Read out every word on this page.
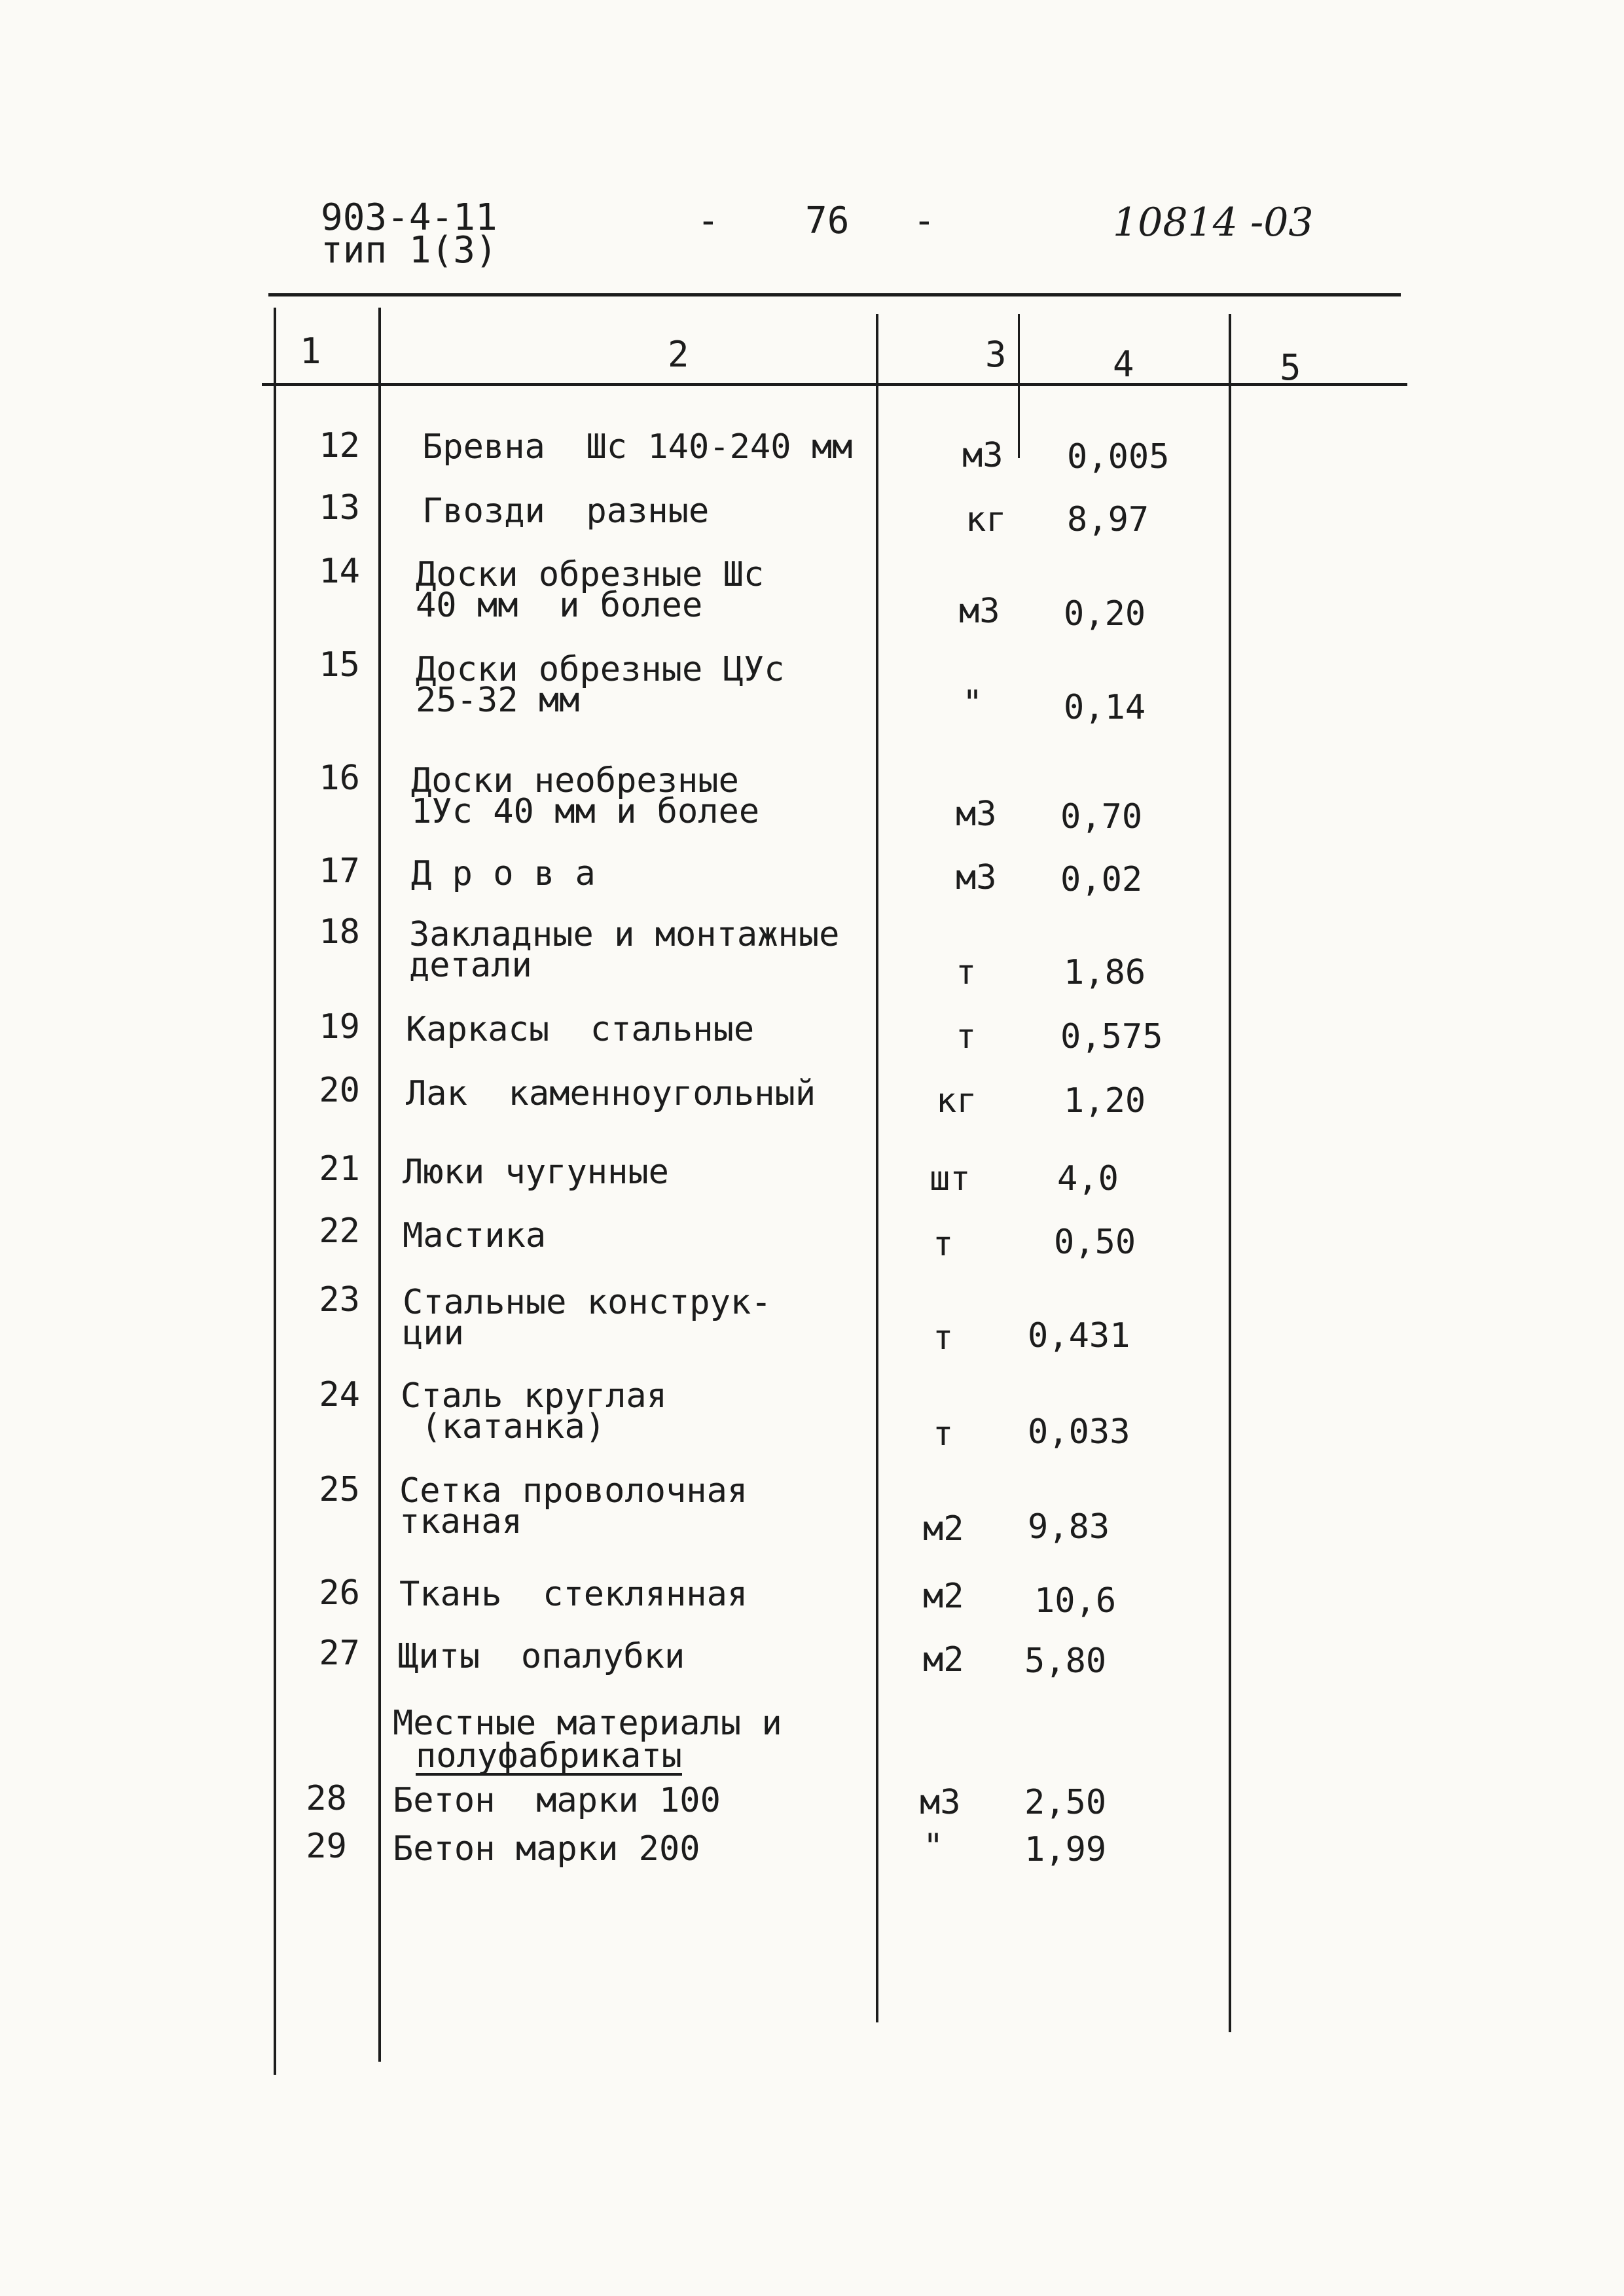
903-4-11
тип 1(3)
- 76 -	10814 -03
1	2	3	4	5
12 Бревна  Шс 140-240 мм	м3 0,005
13 Гвозди  разные	кг 8,97
14 Доски обрезные Шс
40 мм  и более	м3 0,20
15 Доски обрезные ЦУс
25-32 мм	" 0,14
16 Доски необрезные
1Ус 40 мм и более	м3 0,70
17 Д р о в а	м3 0,02
18 Закладные и монтажные
детали	т	1,86
19 Каркасы  стальные	т 0,575
20 Лак  каменноугольный	кг	1,20
21 Люки чугунные	шт	4,0
22 Мастика	т	0,50
23 Стальные конструк-
ции	т 0,431
24 Сталь круглая
(катанка)	т 0,033
25 Сетка проволочная
тканая	м2 9,83
26 Ткань  стеклянная	м2 10,6
27 Щиты  опалубки	м2 5,80
Местные материалы и
полуфабрикаты
28 Бетон  марки 100	м3 2,50
29 Бетон марки 200	" 1,99
